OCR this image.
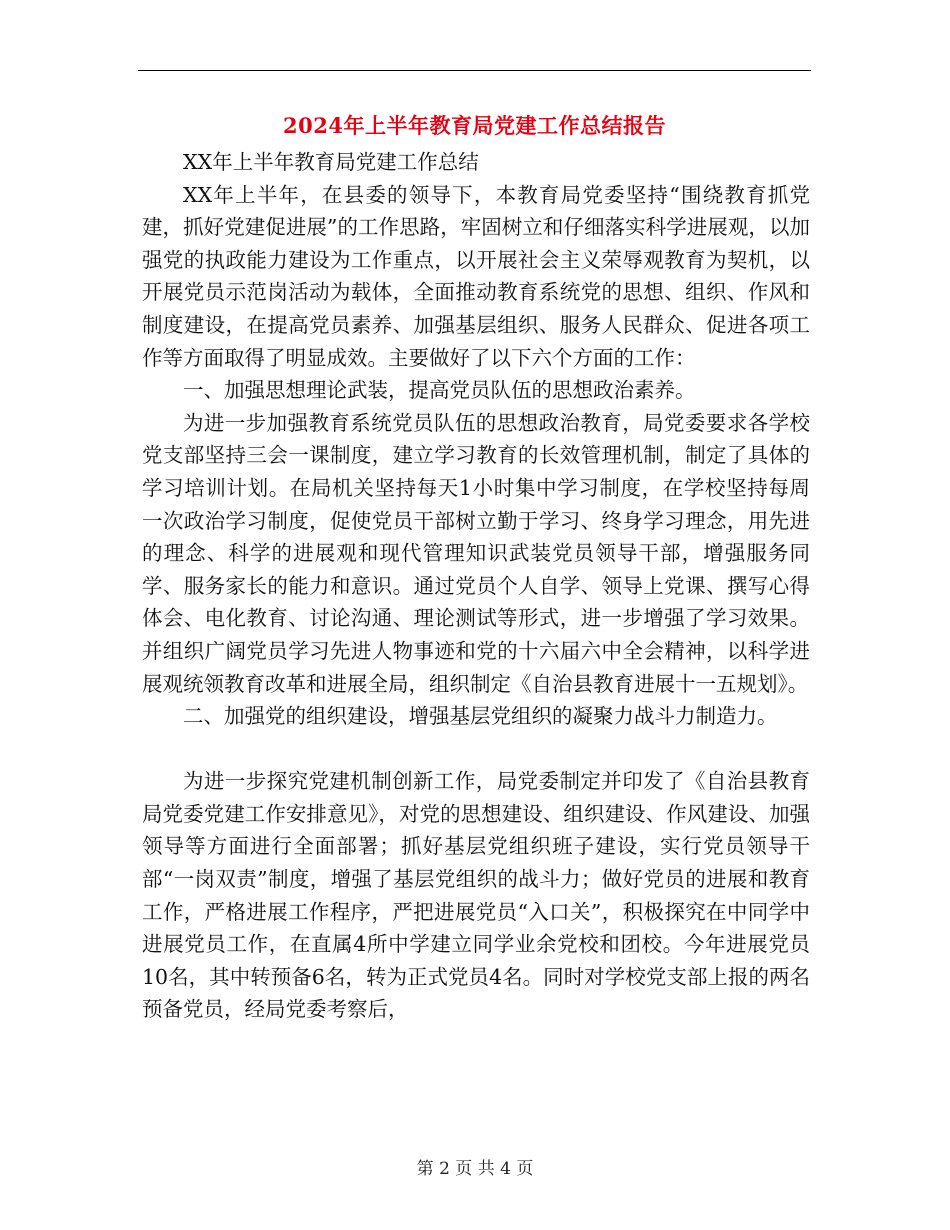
2024年上半年教育局党建工作总结报告

XX年上半年教育局党建工作总结

XX年上半年，在县委的领导下，本教育局党委坚持“围绕教育抓党建，抓好党建促进展”的工作思路，牢固树立和仔细落实科学进展观，以加强党的执政能力建设为工作重点，以开展社会主义荣辱观教育为契机，以开展党员示范岗活动为载体，全面推动教育系统党的思想、组织、作风和制度建设，在提高党员素养、加强基层组织、服务人民群众、促进各项工作等方面取得了明显成效。主要做好了以下六个方面的工作：

一、加强思想理论武装，提高党员队伍的思想政治素养。

为进一步加强教育系统党员队伍的思想政治教育，局党委要求各学校党支部坚持三会一课制度，建立学习教育的长效管理机制，制定了具体的学习培训计划。在局机关坚持每天1小时集中学习制度，在学校坚持每周一次政治学习制度，促使党员干部树立勤于学习、终身学习理念，用先进的理念、科学的进展观和现代管理知识武装党员领导干部，增强服务同学、服务家长的能力和意识。通过党员个人自学、领导上党课、撰写心得体会、电化教育、讨论沟通、理论测试等形式，进一步增强了学习效果。并组织广阔党员学习先进人物事迹和党的十六届六中全会精神，以科学进展观统领教育改革和进展全局，组织制定《自治县教育进展十一五规划》。

二、加强党的组织建设，增强基层党组织的凝聚力战斗力制造力。

为进一步探究党建机制创新工作，局党委制定并印发了《自治县教育局党委党建工作安排意见》，对党的思想建设、组织建设、作风建设、加强领导等方面进行全面部署；抓好基层党组织班子建设，实行党员领导干部“一岗双责”制度，增强了基层党组织的战斗力；做好党员的进展和教育工作，严格进展工作程序，严把进展党员“入口关”，积极探究在中同学中进展党员工作，在直属4所中学建立同学业余党校和团校。今年进展党员10名，其中转预备6名，转为正式党员4名。同时对学校党支部上报的两名预备党员，经局党委考察后，

第 2 页 共 4 页
